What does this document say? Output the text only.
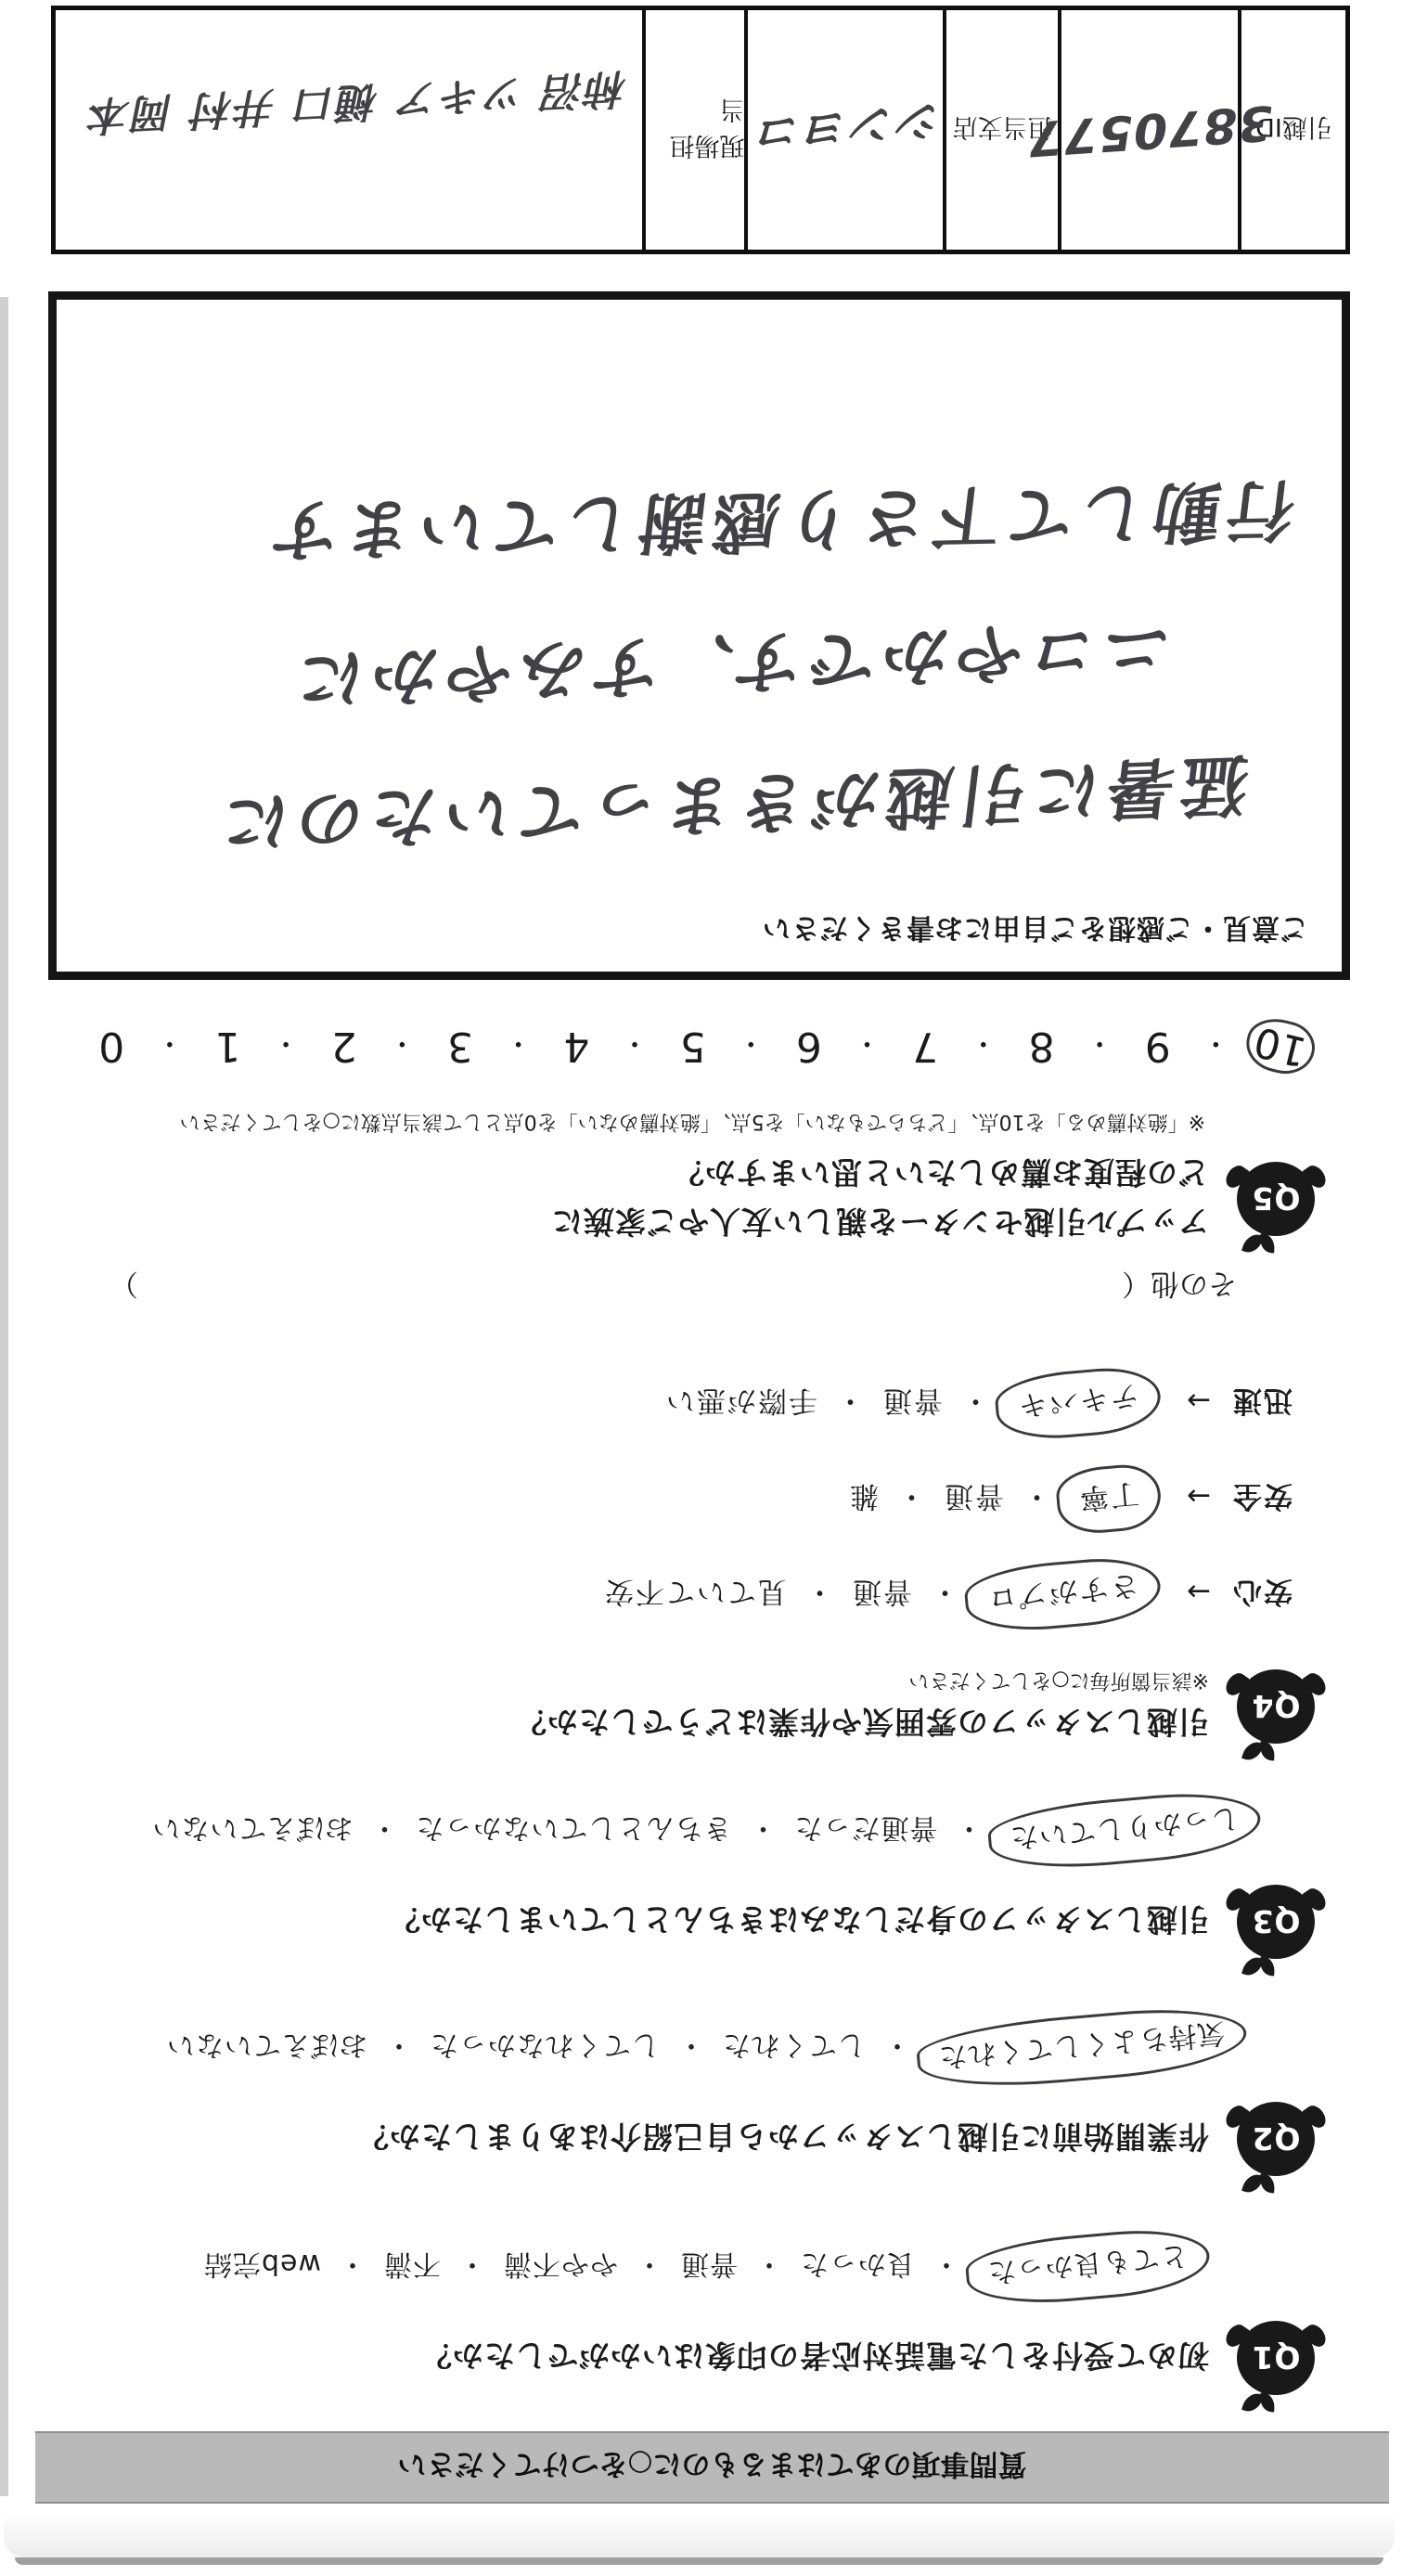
質問事項のあてはまるものに○をつけてください
Q1
初めて受付をした電話対応者の印象はいかがでしたか？
とても良かった・良かった・普通・やや不満・不満・web完結
Q2
作業開始前に引越しスタッフから自己紹介はありましたか？
気持ちよくしてくれた・してくれた・してくれなかった・おぼえていない
Q3
引越しスタッフの身だしなみはきちんとしていましたか？
しっかりしていた・普通だった・きちんとしていなかった・おぼえていない
Q4
引越しスタッフの雰囲気や作業はどうでしたか？
※該当箇所毎に○をしてください
安心→さすがプロ・普通・見ていて不安
安全→丁寧・普通・雑
迅速→テキパキ・普通・手際が悪い
その他
（
）
Q5
アップル引越センターを親しい友人やご家族に
どの程度お薦めしたいと思いますか？
※「絶対薦める」を10点、「どちらでもない」を5点、「絶対薦めない」を0点として該当点数に○をしてください
10
・
9
・
8
・
7
・
6
・
5
・
4
・
3
・
2
・
1
・
0
ご意見・ご感想をご自由にお書きください
猛暑に引越がきまっていたのに
ニコやかです、すみやかに
行動して下さり感謝しています
引越ID
3870577
担当支店
シンヨコ
現場担当
柿沼 ツキア 樋口 井村 岡本
